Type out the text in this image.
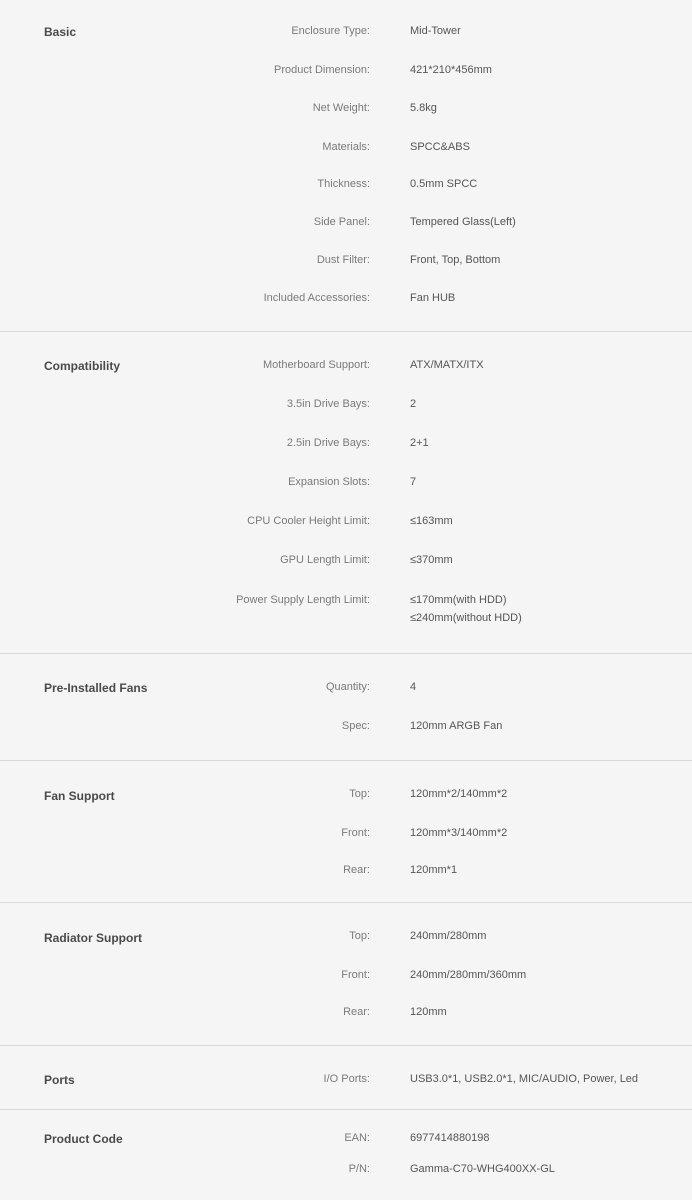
Basic	Enclosure Type:	Mid-Tower
Product Dimension:	421*210*456mm
Net Weight:	5.8kg
Materials:	SPCC&ABS
Thickness:	0.5mm SPCC
Side Panel:	Tempered Glass(Left)
Dust Filter:	Front, Top, Bottom
Included Accessories:	Fan HUB
Compatibility	Motherboard Support:	ATX/MATX/ITX
3.5in Drive Bays:	2
2.5in Drive Bays:	2+1
Expansion Slots:	7
CPU Cooler Height Limit:	≤163mm
GPU Length Limit:	≤370mm
Power Supply Length Limit:	≤170mm(with HDD)
≤240mm(without HDD)
Pre-Installed Fans	Quantity:	4
Spec:	120mm ARGB Fan
Fan Support	Top:	120mm*2/140mm*2
Front:	120mm*3/140mm*2
Rear:	120mm*1
Radiator Support	Top:	240mm/280mm
Front:	240mm/280mm/360mm
Rear:	120mm
Ports	I/O Ports:	USB3.0*1, USB2.0*1, MIC/AUDIO, Power, Led
Product Code	EAN:	6977414880198
P/N:	Gamma-C70-WHG400XX-GL
